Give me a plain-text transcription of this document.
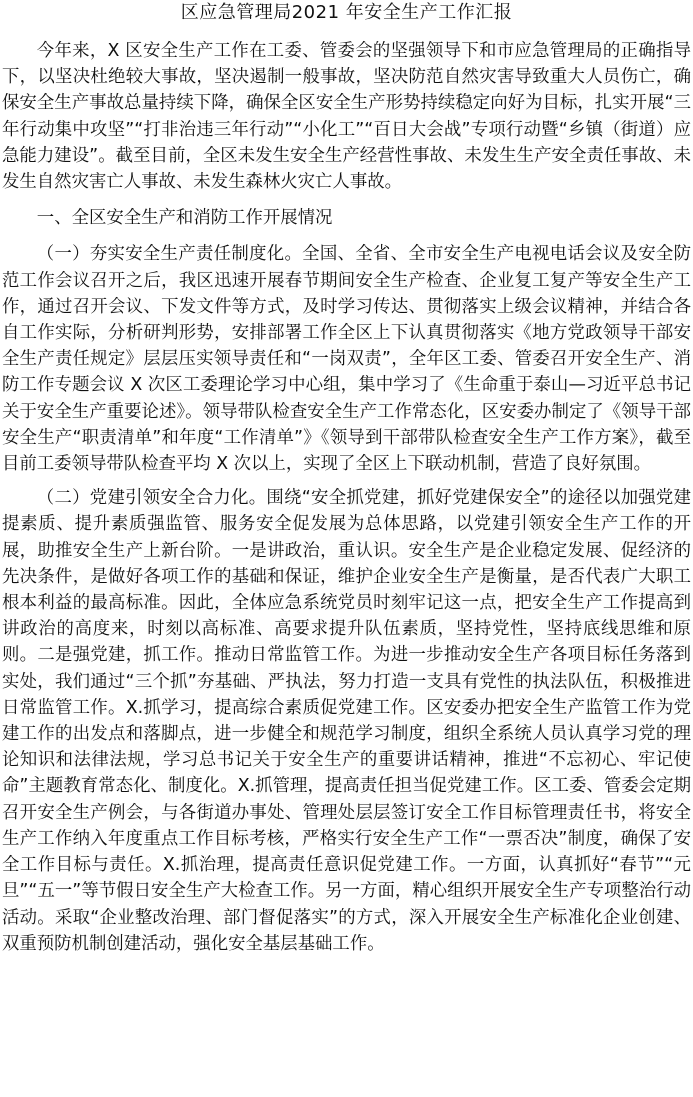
区应急管理局2021 年安全生产工作汇报

今年来，X 区安全生产工作在工委、管委会的坚强领导下和市应急管理局的正确指导下，以坚决杜绝较大事故，坚决遏制一般事故，坚决防范自然灾害导致重大人员伤亡，确保安全生产事故总量持续下降，确保全区安全生产形势持续稳定向好为目标，扎实开展“三年行动集中攻坚”“打非治违三年行动”“小化工”“百日大会战”专项行动暨“乡镇（街道）应急能力建设”。截至目前，全区未发生安全生产经营性事故、未发生生产安全责任事故、未发生自然灾害亡人事故、未发生森林火灾亡人事故。

一、全区安全生产和消防工作开展情况

（一）夯实安全生产责任制度化。全国、全省、全市安全生产电视电话会议及安全防范工作会议召开之后，我区迅速开展春节期间安全生产检查、企业复工复产等安全生产工作，通过召开会议、下发文件等方式，及时学习传达、贯彻落实上级会议精神，并结合各自工作实际，分析研判形势，安排部署工作全区上下认真贯彻落实《地方党政领导干部安全生产责任规定》层层压实领导责任和“一岗双责”，全年区工委、管委召开安全生产、消防工作专题会议 X 次区工委理论学习中心组，集中学习了《生命重于泰山—习近平总书记关于安全生产重要论述》。领导带队检查安全生产工作常态化，区安委办制定了《领导干部安全生产“职责清单”和年度“工作清单”》《领导到干部带队检查安全生产工作方案》，截至目前工委领导带队检查平均 X 次以上，实现了全区上下联动机制，营造了良好氛围。

（二）党建引领安全合力化。围绕“安全抓党建，抓好党建保安全”的途径以加强党建提素质、提升素质强监管、服务安全促发展为总体思路，以党建引领安全生产工作的开展，助推安全生产上新台阶。一是讲政治，重认识。安全生产是企业稳定发展、促经济的先决条件，是做好各项工作的基础和保证，维护企业安全生产是衡量，是否代表广大职工根本利益的最高标准。因此，全体应急系统党员时刻牢记这一点，把安全生产工作提高到讲政治的高度来，时刻以高标准、高要求提升队伍素质，坚持党性，坚持底线思维和原则。二是强党建，抓工作。推动日常监管工作。为进一步推动安全生产各项目标任务落到实处，我们通过“三个抓”夯基础、严执法，努力打造一支具有党性的执法队伍，积极推进日常监管工作。X.抓学习，提高综合素质促党建工作。区安委办把安全生产监管工作为党建工作的出发点和落脚点，进一步健全和规范学习制度，组织全系统人员认真学习党的理论知识和法律法规，学习总书记关于安全生产的重要讲话精神，推进“不忘初心、牢记使命”主题教育常态化、制度化。X.抓管理，提高责任担当促党建工作。区工委、管委会定期召开安全生产例会，与各街道办事处、管理处层层签订安全工作目标管理责任书，将安全生产工作纳入年度重点工作目标考核，严格实行安全生产工作“一票否决”制度，确保了安全工作目标与责任。X.抓治理，提高责任意识促党建工作。一方面，认真抓好“春节”“元旦”“五一”等节假日安全生产大检查工作。另一方面，精心组织开展安全生产专项整治行动活动。采取“企业整改治理、部门督促落实”的方式，深入开展安全生产标准化企业创建、双重预防机制创建活动，强化安全基层基础工作。
